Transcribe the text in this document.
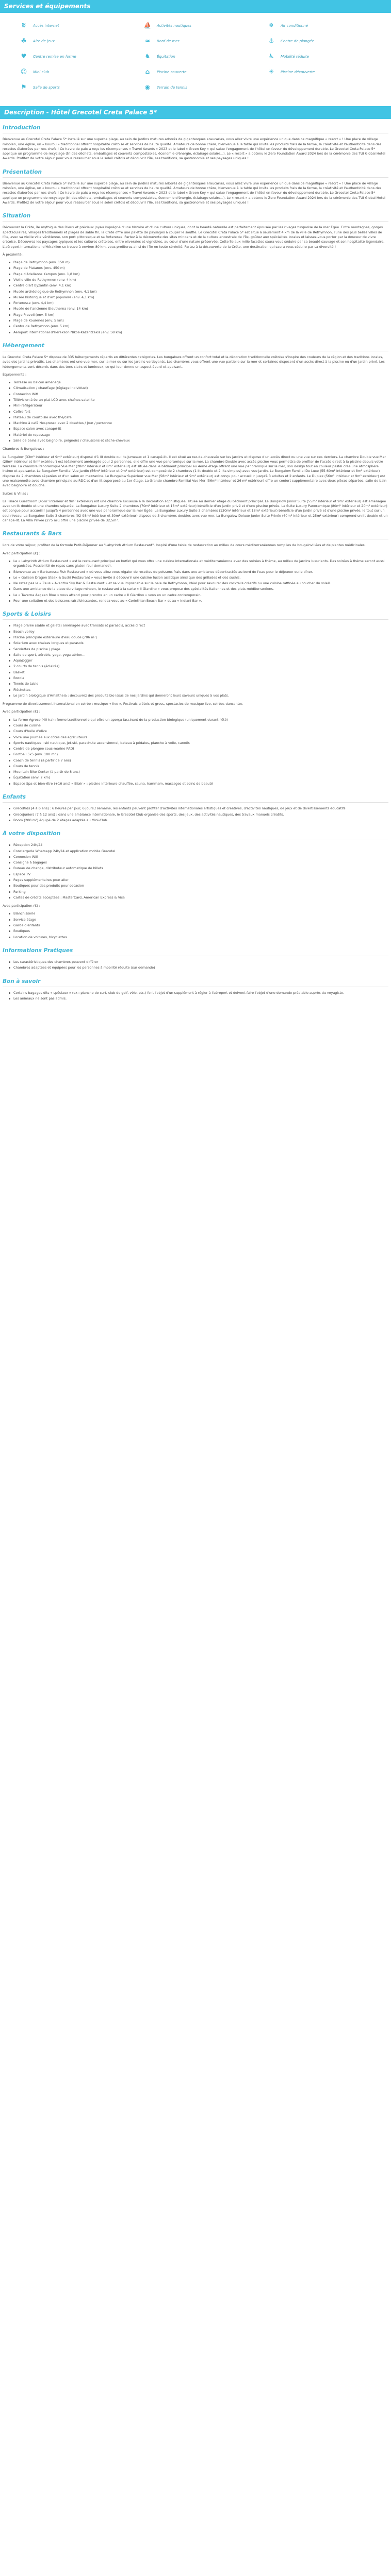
Services et équipements
ʬ	Accès internet	⛵ Activités nautiques	❄	Air conditionné
☘	Aire de jeux	≈	Bord de mer	⚓	Centre de plongée
♥	Centre remise en forme	♞	Équitation	♿	Mobilité réduite
☺ Mini club	⌂	Piscine couverte	☀	Piscine découverte
⚑	Salle de sports	◉	Terrain de tennis
Description - Hôtel Grecotel Creta Palace 5*
Introduction

Bienvenue au Grecotel Creta Palace 5* installé sur une superbe plage, au sein de jardins matures arborés de gigantesques araucarias, vous allez vivre une expérience unique dans ce magnifique « resort » ! Une place de village minoïen, une église, un « kourou » traditionnel offrent hospitalité crétoise et services de haute qualité. Amateurs de bonne chère, bienvenue à la table qui invite les produits frais de la ferme, la créativité et l'authenticité dans des recettes élaborées par nos chefs ! Ce havre de paix a reçu les récompenses « Travel Awards » 2023 et le label « Green Key » qui salue l'engagement de l'hôtel en faveur du développement durable. Le Grecotel Creta Palace 5* applique un programme de recyclage (tri des déchets, emballages et couverts compostables, économie d'énergie, éclairage solaire...). Le « resort » a obtenu le Zero Foundation Award 2024 lors de la cérémonie des TUI Global Hotel Awards. Profitez de votre séjour pour vous ressourcer sous le soleil crétois et découvrir l'île, ses traditions, sa gastronomie et ses paysages uniques !

Présentation

Bienvenue au Grecotel Creta Palace 5* installé sur une superbe plage, au sein de jardins matures arborés de gigantesques araucarias, vous allez vivre une expérience unique dans ce magnifique « resort » ! Une place de village minoïen, une église, un « kourou » traditionnel offrent hospitalité crétoise et services de haute qualité. Amateurs de bonne chère, bienvenue à la table qui invite les produits frais de la ferme, la créativité et l'authenticité dans des recettes élaborées par nos chefs ! Ce havre de paix a reçu les récompenses « Travel Awards » 2023 et le label « Green Key » qui salue l'engagement de l'hôtel en faveur du développement durable. Le Grecotel Creta Palace 5* applique un programme de recyclage (tri des déchets, emballages et couverts compostables, économie d'énergie, éclairage solaire...). Le « resort » a obtenu le Zero Foundation Award 2024 lors de la cérémonie des TUI Global Hotel Awards. Profitez de votre séjour pour vous ressourcer sous le soleil crétois et découvrir l'île, ses traditions, sa gastronomie et ses paysages uniques !

Situation

Découvrez la Crète, île mythique des Dieux et précieux joyau imprégné d'une histoire et d'une culture uniques, dont la beauté naturelle est parfaitement épousée par les rivages turquoise de la mer Égée. Entre montagnes, gorges spectaculaires, villages traditionnels et plages de sable fin, la Crète offre une palette de paysages à couper le souffle. Le Grecotel Creta Palace 5* est situé à seulement 4 km de la ville de Rethymnon, l'une des plus belles villes de l'île, avec sa vieille ville vénitienne, son port pittoresque et sa forteresse. Partez à la découverte des sites minoens et de la culture ancestrale de l'île, goûtez aux spécialités locales et laissez-vous porter par la douceur de vivre crétoise. Découvrez les paysages typiques et les cultures crétoises, entre oliveraies et vignobles, au cœur d'une nature préservée. Cette île aux mille facettes saura vous séduire par sa beauté sauvage et son hospitalité légendaire. L'aéroport international d'Héraklion se trouve à environ 80 km, vous profiterez ainsi de l'île en toute sérénité. Partez à la découverte de la Crète, une destination qui saura vous séduire par sa diversité !

À proximité :

Plage de Rethymnon (env. 150 m)
Plage de Platanes (env. 450 m)
Plage d'Adelianos Kampos (env. 1,8 km)
Vieille ville de Rethymnon (env. 4 km)
Centre d'art byzantin (env. 4,1 km)
Musée archéologique de Rethymnon (env. 4,1 km)
Musée historique et d'art populaire (env. 4,1 km)
Forteresse (env. 4,4 km)
Musée de l'ancienne Eleutherna (env. 14 km)
Plage Preveli (env. 5 km)
Plage de Kourenes (env. 5 km)
Centre de Rethymnon (env. 5 km)
Aéroport international d'Héraklion Nikos-Kazantzakis (env. 58 km)
Hébergement

Le Grecotel Creta Palace 5* dispose de 335 hébergements répartis en différentes catégories. Les bungalows offrent un confort total et la décoration traditionnelle crétoise s'inspire des couleurs de la région et des traditions locales, avec des jardins privatifs. Les chambres ont une vue mer, sur la mer ou sur les jardins verdoyants. Les chambres vous offrent une vue partielle sur la mer et certaines disposent d'un accès direct à la piscine ou d'un jardin privé. Les hébergements sont décorés dans des tons clairs et lumineux, ce qui leur donne un aspect épuré et apaisant.

Équipements :

Terrasse ou balcon aménagé
Climatisation / chauffage (réglage individuel)
Connexion Wifi
Télévision à écran plat LCD avec chaînes satellite
Mini-réfrigérateur
Coffre-fort
Plateau de courtoisie avec thé/café
Machine à café Nespresso avec 2 dosettes / jour / personne
Espace salon avec canapé-lit
Matériel de repassage
Salle de bains avec baignoire, peignoirs / chaussons et sèche-cheveux

Chambres & Bungalows :

Le Bungalow (33m² intérieur et 9m² extérieur) disposé d'1 lit double ou lits jumeaux et 1 canapé-lit. Il est situé au rez-de-chaussée sur les jardins et dispose d'un accès direct ou une vue sur ces derniers. La chambre Double vue Mer (28m² intérieur et 9m² extérieur) est idéalement aménagée pour 2 personnes, elle offre une vue panoramique sur la mer. La chambre Double avec accès piscine vous permettra de profiter de l'accès direct à la piscine depuis votre terrasse. La chambre Panoramique Vue Mer (28m² intérieur et 8m² extérieur) est située dans le bâtiment principal au 4ème étage offrant une vue panoramique sur la mer, son design tout en couleur pastel crée une atmosphère intime et apaisante. Le Bungalow Familial Vue Jardin (56m² intérieur et 9m² extérieur) est composé de 2 chambres (1 lit double et 2 lits simples) avec vue jardin. Le Bungalow Familial De Luxe (55-60m² intérieur et 8m² extérieur) dispose de 2 chambres séparées et d'un salon en mezzanine. Le Bungalow Supérieur vue Mer (58m² intérieur et 9m² extérieur) est conçu pour accueillir jusqu'à 3 adultes et 2 enfants. Le Duplex (56m² intérieur et 9m² extérieur) est une maisonnette avec chambre principale au RDC et d'un lit superposé au 1er étage. La Grande chambre Familial Vue Mer (56m² intérieur et 26 m² extérieur) offre un confort supplémentaire avec deux pièces séparées, salle de bain avec baignoire et douche.

Suites & Villas :

La Palace Guestroom (45m² intérieur et 9m² extérieur) est une chambre luxueuse à la décoration sophistiquée, située au dernier étage du bâtiment principal. Le Bungalow Junior Suite (55m² intérieur et 9m² extérieur) est aménagée avec un lit double et une chambre séparée. La Bungalow Luxury Suite 2 chambres (70m² intérieur et 18m² extérieur) bénéficie d'un jardin privé et d'une piscine privée. La Suite Luxury Panoramique (80m² intérieur et 20m² extérieur) est conçue pour accueillir jusqu'à 4 personnes avec une vue panoramique sur la mer Égée. La Bungalow Luxury Suite 3 chambres (130m² intérieur et 18m² extérieur) bénéficie d'un jardin privé et d'une piscine privée, le tout sur un seul niveau. La Bungalow Suite 3 chambres (92-98m² intérieur et 30m² extérieur) dispose de 3 chambres doubles avec vue mer. La Bungalow Deluxe Junior Suite Privée (60m² intérieur et 25m² extérieur) comprend un lit double et un canapé-lit. La Villa Privée (275 m²) offre une piscine privée de 32,5m².

Restaurants & Bars

Lors de votre séjour, profitez de la formule Petit-Déjeuner au "Labyrinth Atrium Restaurant". Inspiré d'une table de restauration au milieu de cours méditerranéennes remplies de bougainvillées et de plantes médicinales.

Avec participation (€) :

Le « Labyrinth Atrium Restaurant » est le restaurant principal en buffet qui vous offre une cuisine internationale et méditerranéenne avec des soirées à thème, au milieu de jardins luxuriants. Des soirées à thème seront aussi organisées. Possibilité de repas sans gluten (sur demande).
Bienvenue au « Barbarossa Fish Restaurant » où vous allez vous régaler de recettes de poissons frais dans une ambiance décontractée au bord de l'eau pour le déjeuner ou le dîner.
Le « Galleon Dragon Steak & Sushi Restaurant » vous invite à découvrir une cuisine fusion asiatique ainsi que des grillades et des sushis.
Ne ratez pas le « Zeus » Avantha Sky Bar & Restaurant » et sa vue imprenable sur la baie de Rethymnon, idéal pour savourer des cocktails créatifs ou une cuisine raffinée au coucher du soleil.
Dans une ambiance de la place du village minoen, le restaurant à la carte « Il Giardino » vous propose des spécialités italiennes et des plats méditerranéens.
Le « Taverna Aegean Blue » vous attend pour prendre en un cadre « Il Giardino » vous en un cadre contemporain.
Pour une collation et des boissons rafraîchissantes, rendez-vous au « Corinthian Beach Bar » et au « Indiani Bar ».
Sports & Loisirs
Plage privée (sable et galets) aménagée avec transats et parasols, accès direct
Beach volley
Piscine principale extérieure d'eau douce (786 m²)
Solarium avec chaises longues et parasols
Serviettes de piscine / plage
Salle de sport, aérobic, yoga, yoga aérien...
Aquajogger
2 courts de tennis (éclairés)
Basket
Boccia
Tennis de table
Fléchettes
Le jardin biologique d'Amaltheia : découvrez des produits bio issus de nos jardins qui donneront leurs saveurs uniques à vos plats.

Programme de divertissement international en soirée : musique « live », Festivals crétois et grecs, spectacles de musique live, soirées dansantes

Avec participation (€) :

La ferme Agreco (40 ha) : ferme traditionnelle qui offre un aperçu fascinant de la production biologique (uniquement durant l'été)
Cours de cuisine
Cours d'huile d'olive
Vivre une journée aux côtés des agriculteurs
Sports nautiques : ski nautique, jet-ski, parachute ascensionnel, bateau à pédales, planche à voile, canoës
Centre de plongée sous-marine PADI
Football 5x5 (env. 100 mn)
Coach de tennis (à partir de 7 ans)
Cours de tennis
Mountain Bike Center (à partir de 8 ans)
Équitation (env. 2 km)
Espace Spa et bien-être (+16 ans) « Elixir » : piscine intérieure chauffée, sauna, hammam, massages et soins de beauté
Enfants
GrecoKids (4 à 6 ans) : 6 heures par jour, 6 jours / semaine, les enfants peuvent profiter d'activités internationales artistiques et créatives, d'activités nautiques, de jeux et de divertissements éducatifs
Grecojuniors (7 à 12 ans) : dans une ambiance internationale, le Grecotel Club organise des sports, des jeux, des activités nautiques, des travaux manuels créatifs.
Room (200 m²) équipé de 2 étages adaptés au Mini-Club.
À votre disposition
Réception 24h/24
Conciergerie Whatsapp 24h/24 et application mobile Grecotel
Connexion Wifi
Consigne à bagages
Bureau de change, distributeur automatique de billets
Espace TV
Pages supplémentaires pour aller
Boutiques pour des produits pour occasion
Parking
Cartes de crédits acceptées : MasterCard, American Express & Visa

Avec participation (€) :

Blanchisserie
Service étage
Garde d'enfants
Boutiques
Location de voitures, bicyclettes
Informations Pratiques
Les caractéristiques des chambres peuvent différer
Chambres adaptées et équipées pour les personnes à mobilité réduite (sur demande)
Bon à savoir
Certains bagages dits « spéciaux » (ex : planche de surf, club de golf, vélo, etc.) font l'objet d'un supplément à régler à l'aéroport et doivent faire l'objet d'une demande préalable auprès du voyagiste.
Les animaux ne sont pas admis.
